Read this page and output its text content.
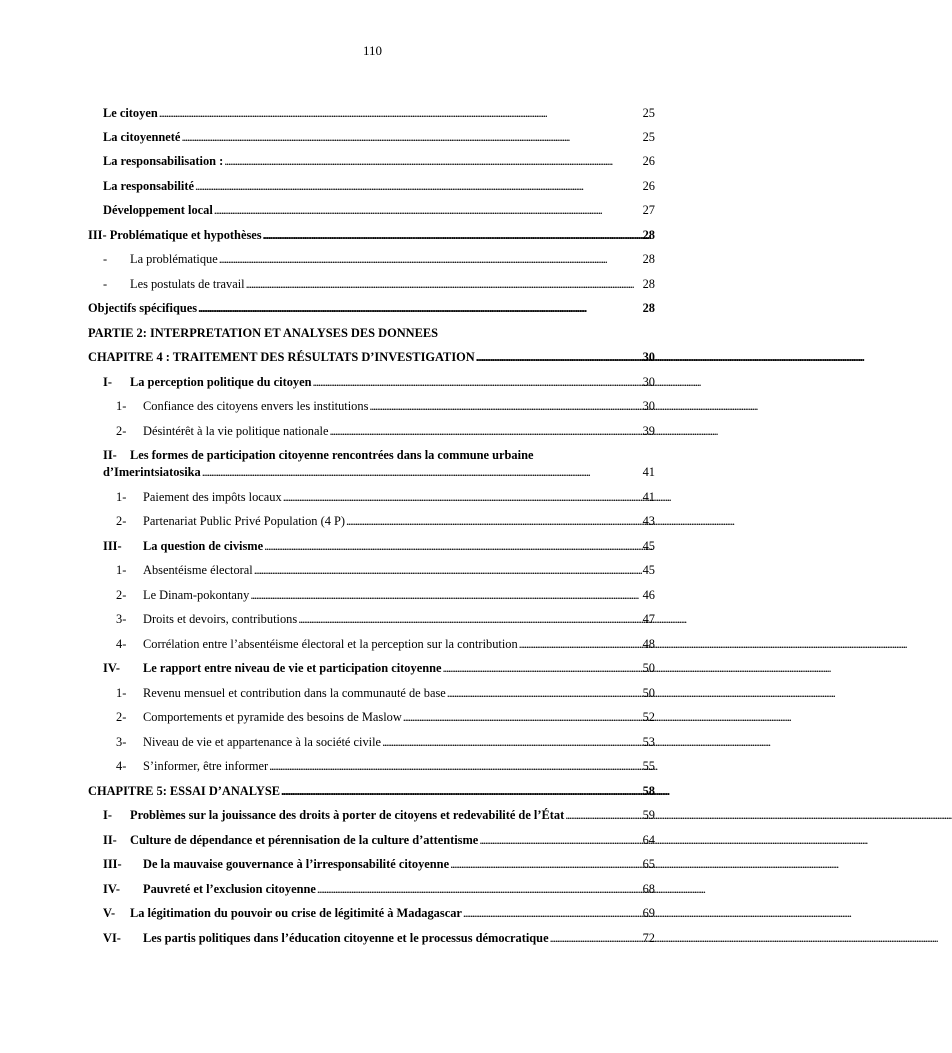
110
Le citoyen . . .	25
La citoyenneté . . .	25
La responsabilisation : . . .	26
La responsabilité . . .	26
Développement local . . .	27
III- Problématique et hypothèses . . .	28
-	La problématique . . .	28
-	Les postulats de travail . . .	28
Objectifs spécifiques . . .	28
PARTIE 2: INTERPRETATION ET ANALYSES DES DONNEES
CHAPITRE 4 : TRAITEMENT DES RÉSULTATS D’INVESTIGATION . . .	30
I-	La perception politique du citoyen . . .	30
1-	Confiance des citoyens envers les institutions . . .	30
2-	Désintérêt à la vie politique nationale . . .	39
II-	Les formes de participation citoyenne rencontrées dans la commune urbaine
d’Imerintsiatosika . . .	41
1-	Paiement des impôts locaux . . .	41
2-	Partenariat Public Privé Population (4 P) . . .	43
III-	La question de civisme . . .	45
1-	Absentéisme électoral . . .	45
2-	Le Dinam-pokontany . . .	46
3-	Droits et devoirs, contributions . . .	47
4-	Corrélation entre l’absentéisme électoral et la perception sur la contribution . . .	48
IV-	Le rapport entre niveau de vie et participation citoyenne . . .	50
1-	Revenu mensuel et contribution dans la communauté de base . . .	50
2-	Comportements et pyramide des besoins de Maslow . . .	52
3-	Niveau de vie et appartenance à la société civile . . .	53
4-	S’informer, être informer . . .	55
CHAPITRE 5: ESSAI D’ANALYSE . . .	58
I-	Problèmes sur la jouissance des droits à porter de citoyens et redevabilité de l’État . . .	59
II-	Culture de dépendance et pérennisation de la culture d’attentisme . . .	64
III-	De la mauvaise gouvernance à l’irresponsabilité citoyenne . . .	65
IV-	Pauvreté et l’exclusion citoyenne . . .	68
V-	La légitimation du pouvoir ou crise de légitimité à Madagascar . . .	69
VI-	Les partis politiques dans l’éducation citoyenne et le processus démocratique . . .	72
